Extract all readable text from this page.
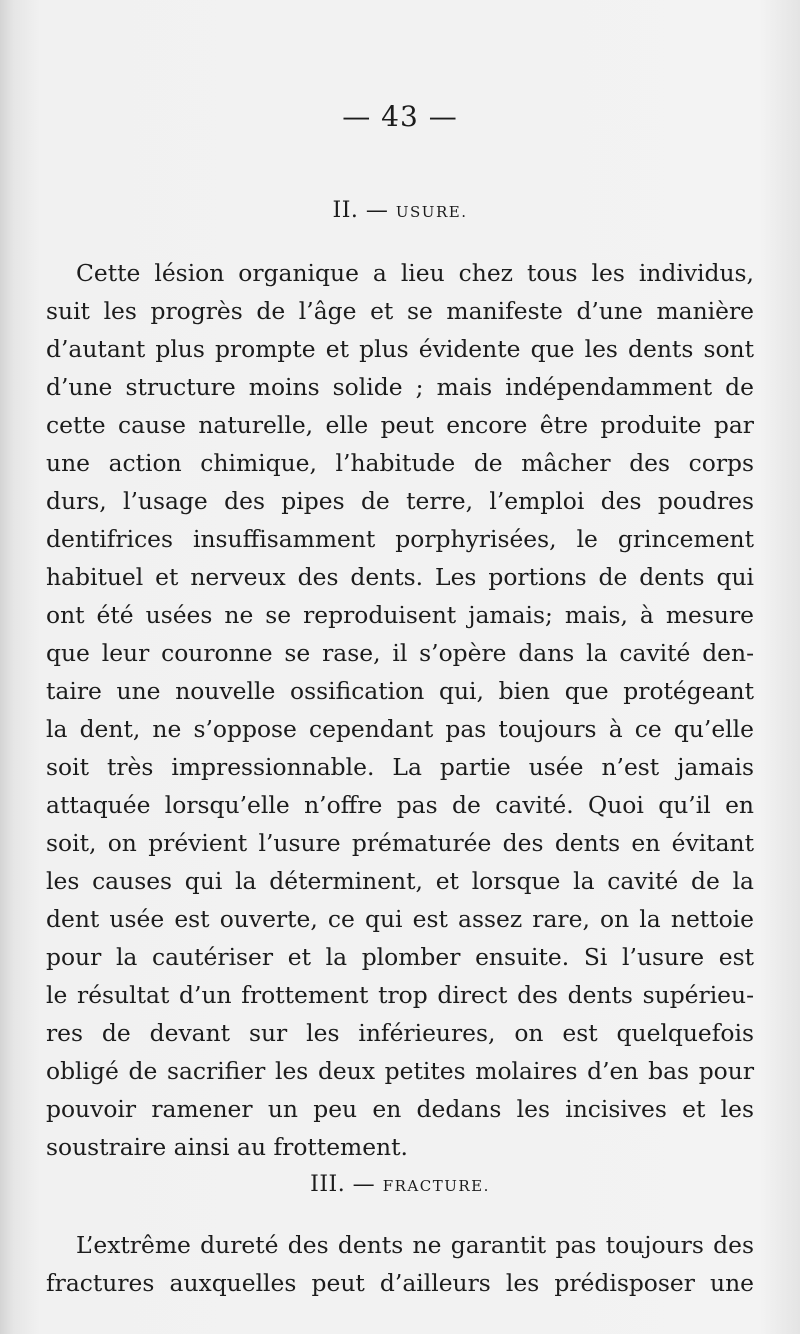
— 43 —
II. — USURE.
Cette lésion organique a lieu chez tous les individus,
suit les progrès de l’âge et se manifeste d’une manière
d’autant plus prompte et plus évidente que les dents sont
d’une structure moins solide ; mais indépendamment de
cette cause naturelle, elle peut encore être produite par
une action chimique, l’habitude de mâcher des corps
durs, l’usage des pipes de terre, l’emploi des poudres
dentifrices insuffisamment porphyrisées, le grincement
habituel et nerveux des dents. Les portions de dents qui
ont été usées ne se reproduisent jamais; mais, à mesure
que leur couronne se rase, il s’opère dans la cavité den-
taire une nouvelle ossification qui, bien que protégeant
la dent, ne s’oppose cependant pas toujours à ce qu’elle
soit très impressionnable. La partie usée n’est jamais
attaquée lorsqu’elle n’offre pas de cavité. Quoi qu’il en
soit, on prévient l’usure prématurée des dents en évitant
les causes qui la déterminent, et lorsque la cavité de la
dent usée est ouverte, ce qui est assez rare, on la nettoie
pour la cautériser et la plomber ensuite. Si l’usure est
le résultat d’un frottement trop direct des dents supérieu-
res de devant sur les inférieures, on est quelquefois
obligé de sacrifier les deux petites molaires d’en bas pour
pouvoir ramener un peu en dedans les incisives et les
soustraire ainsi au frottement.
III. — FRACTURE.
L’extrême dureté des dents ne garantit pas toujours des
fractures auxquelles peut d’ailleurs les prédisposer une
